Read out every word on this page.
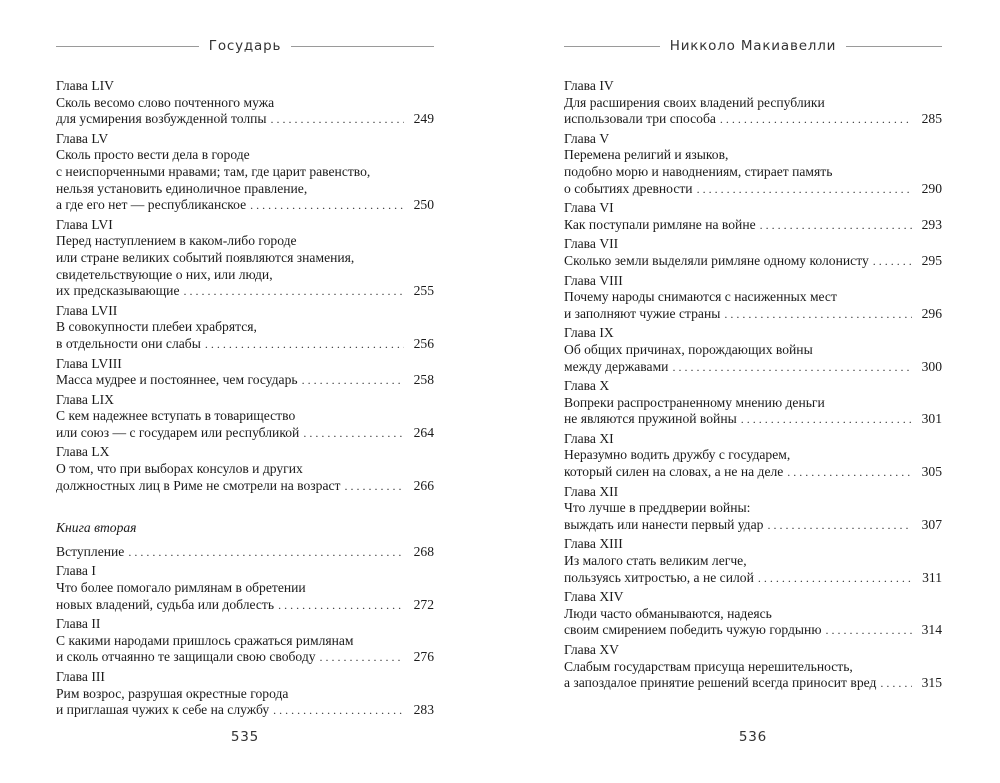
Государь
Глава LIV
Сколь весомо слово почтенного мужа
для усмирения возбужденной толпы . . .	249
Глава LV
Сколь просто вести дела в городе
с неиспорченными нравами; там, где царит равенство,
нельзя установить единоличное правление,
а где его нет — республиканское . . .	250
Глава LVI
Перед наступлением в каком-либо городе
или стране великих событий появляются знамения,
свидетельствующие о них, или люди,
их предсказывающие . . .	255
Глава LVII
В совокупности плебеи храбрятся,
в отдельности они слабы . . .	256
Глава LVIII
Масса мудрее и постояннее, чем государь . . .	258
Глава LIX
С кем надежнее вступать в товарищество
или союз — с государем или республикой . . .	264
Глава LX
О том, что при выборах консулов и других
должностных лиц в Риме не смотрели на возраст . . .	266
Книга вторая
Вступление . . .	268
Глава I
Что более помогало римлянам в обретении
новых владений, судьба или доблесть . . .	272
Глава II
С какими народами пришлось сражаться римлянам
и сколь отчаянно те защищали свою свободу . . .	276
Глава III
Рим возрос, разрушая окрестные города
и приглашая чужих к себе на службу . . .	283
535
Никколо Макиавелли
Глава IV
Для расширения своих владений республики
использовали три способа . . .	285
Глава V
Перемена религий и языков,
подобно морю и наводнениям, стирает память
о событиях древности . . .	290
Глава VI
Как поступали римляне на войне . . .	293
Глава VII
Сколько земли выделяли римляне одному колонисту . . .	295
Глава VIII
Почему народы снимаются с насиженных мест
и заполняют чужие страны . . .	296
Глава IX
Об общих причинах, порождающих войны
между державами . . .	300
Глава X
Вопреки распространенному мнению деньги
не являются пружиной войны . . .	301
Глава XI
Неразумно водить дружбу с государем,
который силен на словах, а не на деле . . .	305
Глава XII
Что лучше в преддверии войны:
выждать или нанести первый удар . . .	307
Глава XIII
Из малого стать великим легче,
пользуясь хитростью, а не силой . . .	311
Глава XIV
Люди часто обманываются, надеясь
своим смирением победить чужую гордыню . . .	314
Глава XV
Слабым государствам присуща нерешительность,
а запоздалое принятие решений всегда приносит вред . . .	315
536
